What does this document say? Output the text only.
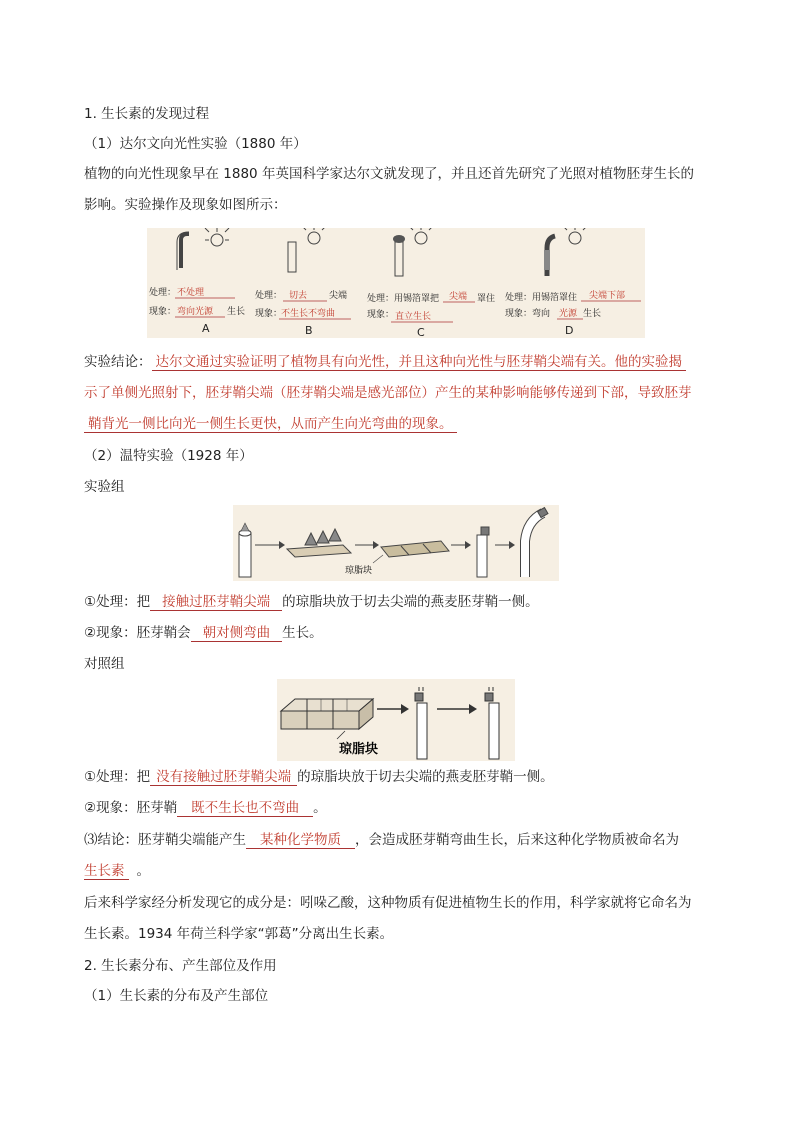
1. 生长素的发现过程
（1）达尔文向光性实验（1880 年）
植物的向光性现象早在 1880 年英国科学家达尔文就发现了，并且还首先研究了光照对植物胚芽生长的
影响。实验操作及现象如图所示：
处理： 不处理
现象： 弯向光源 生长
A
处理： 切去 尖端
现象：
不生长不弯曲
B
处理：用锡箔罩把 尖端 罩住
现象： 直立生长
C
处理：用锡箔罩住 尖端下部
现象：弯向 光源 生长
D
实验结论： 达尔文通过实验证明了植物具有向光性，并且这种向光性与胚芽鞘尖端有关。他的实验揭
示了单侧光照射下，胚芽鞘尖端（胚芽鞘尖端是感光部位）产生的某种影响能够传递到下部，导致胚芽
鞘背光一侧比向光一侧生长更快，从而产生向光弯曲的现象。
（2）温特实验（1928 年）
实验组
琼脂块
①处理：把 接触过胚芽鞘尖端 的琼脂块放于切去尖端的燕麦胚芽鞘一侧。
②现象：胚芽鞘会 朝对侧弯曲 生长。
对照组
琼脂块
①处理：把 没有接触过胚芽鞘尖端 的琼脂块放于切去尖端的燕麦胚芽鞘一侧。
②现象：胚芽鞘 既不生长也不弯曲 。
⑶结论：胚芽鞘尖端能产生 某种化学物质 ，会造成胚芽鞘弯曲生长，后来这种化学物质被命名为
生长素 。
后来科学家经分析发现它的成分是：吲哚乙酸，这种物质有促进植物生长的作用，科学家就将它命名为
生长素。1934 年荷兰科学家“郭葛”分离出生长素。
2. 生长素分布、产生部位及作用
（1）生长素的分布及产生部位
